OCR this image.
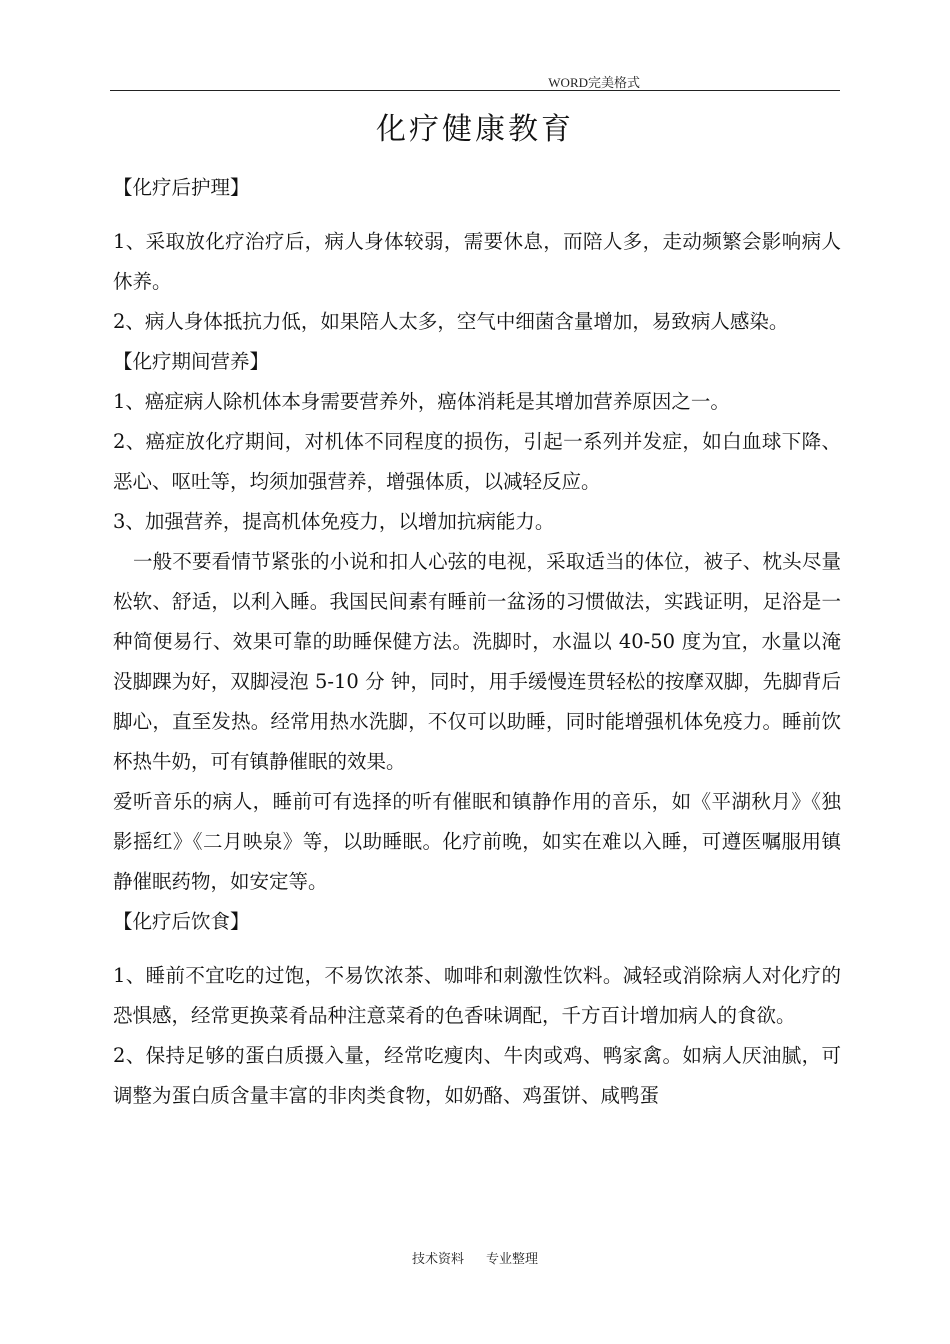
WORD完美格式
化疗健康教育

【化疗后护理】

1、采取放化疗治疗后，病人身体较弱，需要休息，而陪人多，走动频繁会影响病人休养。

2、病人身体抵抗力低，如果陪人太多，空气中细菌含量增加，易致病人感染。

【化疗期间营养】

1、癌症病人除机体本身需要营养外，癌体消耗是其增加营养原因之一。

2、癌症放化疗期间，对机体不同程度的损伤，引起一系列并发症，如白血球下降、恶心、呕吐等，均须加强营养，增强体质，以减轻反应。

3、加强营养，提高机体免疫力，以增加抗病能力。

一般不要看情节紧张的小说和扣人心弦的电视，采取适当的体位，被子、枕头尽量松软、舒适，以利入睡。我国民间素有睡前一盆汤的习惯做法，实践证明，足浴是一种简便易行、效果可靠的助睡保健方法。洗脚时，水温以 40-50 度为宜，水量以淹没脚踝为好，双脚浸泡 5-10 分 钟，同时，用手缓慢连贯轻松的按摩双脚，先脚背后脚心，直至发热。经常用热水洗脚，不仅可以助睡，同时能增强机体免疫力。睡前饮杯热牛奶，可有镇静催眠的效果。

爱听音乐的病人，睡前可有选择的听有催眠和镇静作用的音乐，如《平湖秋月》《独影摇红》《二月映泉》等，以助睡眠。化疗前晚，如实在难以入睡，可遵医嘱服用镇静催眠药物，如安定等。

【化疗后饮食】

1、睡前不宜吃的过饱，不易饮浓茶、咖啡和刺激性饮料。减轻或消除病人对化疗的恐惧感，经常更换菜肴品种注意菜肴的色香味调配，千方百计增加病人的食欲。

2、保持足够的蛋白质摄入量，经常吃瘦肉、牛肉或鸡、鸭家禽。如病人厌油腻，可调整为蛋白质含量丰富的非肉类食物，如奶酪、鸡蛋饼、咸鸭蛋

技术资料 专业整理
